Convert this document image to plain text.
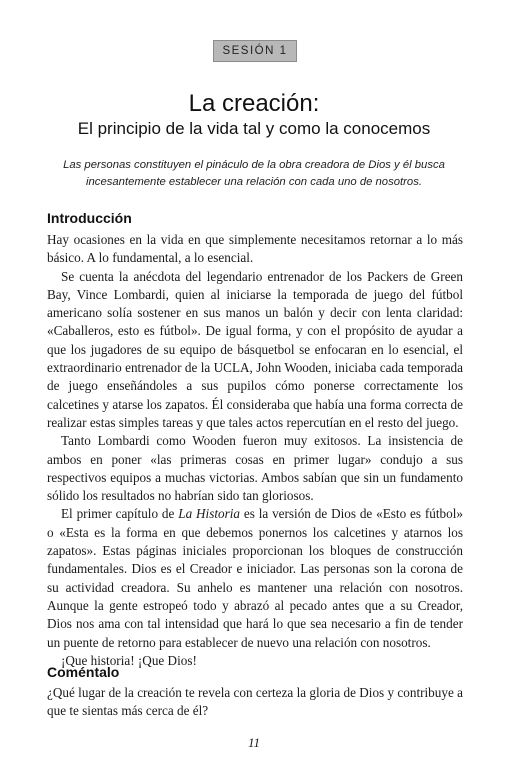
SESIÓN 1
La creación:
El principio de la vida tal y como la conocemos
Las personas constituyen el pináculo de la obra creadora de Dios y él busca incesantemente establecer una relación con cada uno de nosotros.
Introducción

Hay ocasiones en la vida en que simplemente necesitamos retornar a lo más básico. A lo fundamental, a lo esencial.

Se cuenta la anécdota del legendario entrenador de los Packers de Green Bay, Vince Lombardi, quien al iniciarse la temporada de juego del fútbol americano solía sostener en sus manos un balón y decir con lenta claridad: «Caballeros, esto es fútbol». De igual forma, y con el propósito de ayudar a que los jugadores de su equipo de básquetbol se enfocaran en lo esencial, el extraordinario entrenador de la UCLA, John Wooden, iniciaba cada temporada de juego enseñándoles a sus pupilos cómo ponerse correctamente los calcetines y atarse los zapatos. Él consideraba que había una forma correcta de realizar estas simples tareas y que tales actos repercutían en el resto del juego.

Tanto Lombardi como Wooden fueron muy exitosos. La insistencia de ambos en poner «las primeras cosas en primer lugar» condujo a sus respectivos equipos a muchas victorias. Ambos sabían que sin un fundamento sólido los resultados no habrían sido tan gloriosos.

El primer capítulo de La Historia es la versión de Dios de «Esto es fútbol» o «Esta es la forma en que debemos ponernos los calcetines y atarnos los zapatos». Estas páginas iniciales proporcionan los bloques de construcción fundamentales. Dios es el Creador e iniciador. Las personas son la corona de su actividad creadora. Su anhelo es mantener una relación con nosotros. Aunque la gente estropeó todo y abrazó al pecado antes que a su Creador, Dios nos ama con tal intensidad que hará lo que sea necesario a fin de tender un puente de retorno para establecer de nuevo una relación con nosotros.

¡Que historia! ¡Que Dios!

Coméntalo

¿Qué lugar de la creación te revela con certeza la gloria de Dios y contribuye a que te sientas más cerca de él?

11
